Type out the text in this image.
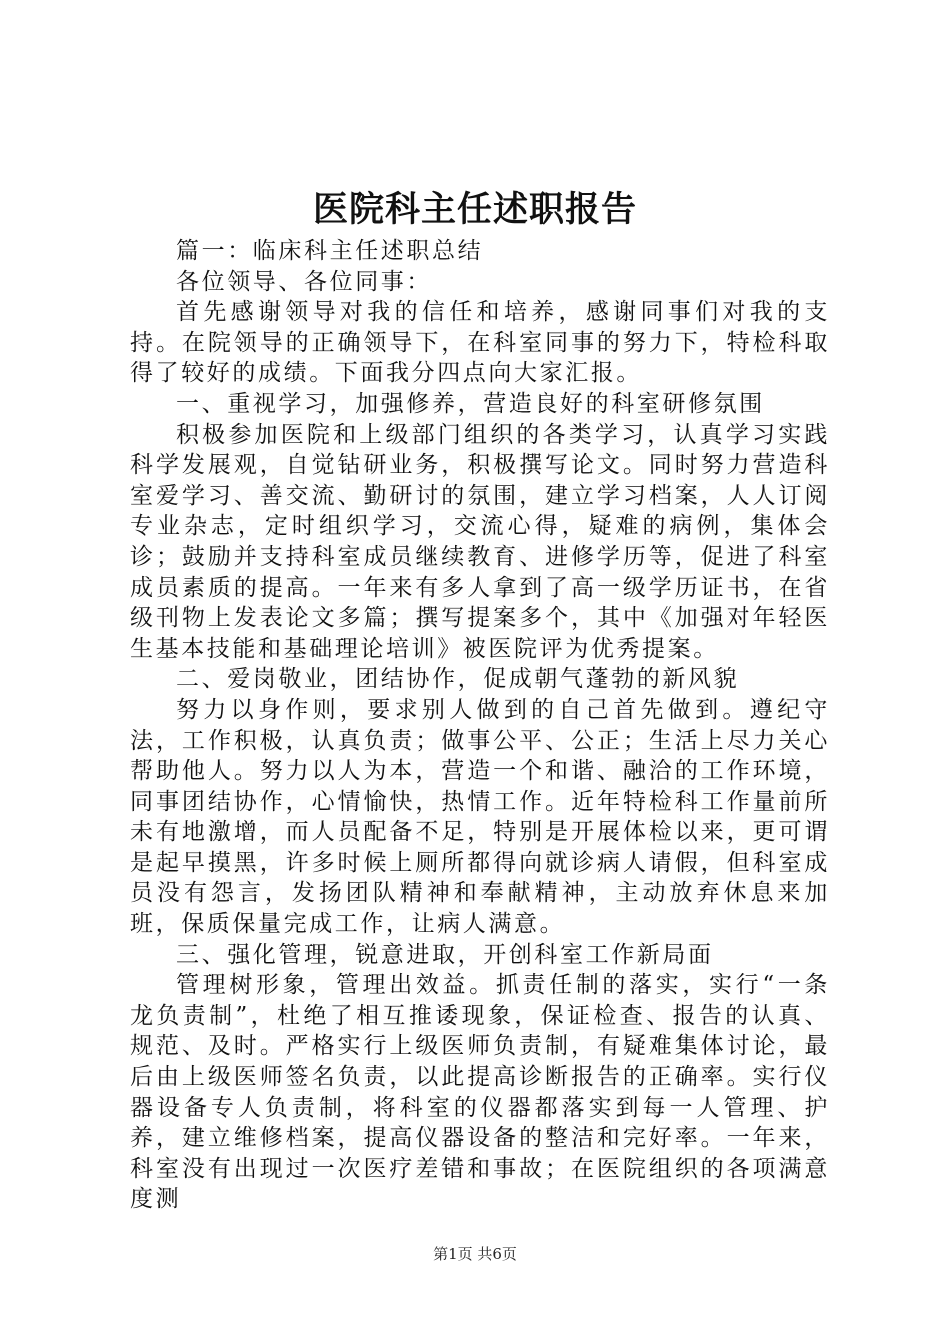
医院科主任述职报告

篇一：临床科主任述职总结

各位领导、各位同事：

首先感谢领导对我的信任和培养，感谢同事们对我的支持。在院领导的正确领导下，在科室同事的努力下，特检科取得了较好的成绩。下面我分四点向大家汇报。

一、重视学习，加强修养，营造良好的科室研修氛围

积极参加医院和上级部门组织的各类学习，认真学习实践科学发展观，自觉钻研业务，积极撰写论文。同时努力营造科室爱学习、善交流、勤研讨的氛围，建立学习档案，人人订阅专业杂志，定时组织学习，交流心得，疑难的病例，集体会诊；鼓励并支持科室成员继续教育、进修学历等，促进了科室成员素质的提高。一年来有多人拿到了高一级学历证书，在省级刊物上发表论文多篇；撰写提案多个，其中《加强对年轻医生基本技能和基础理论培训》被医院评为优秀提案。

二、爱岗敬业，团结协作，促成朝气蓬勃的新风貌

努力以身作则，要求别人做到的自己首先做到。遵纪守法，工作积极，认真负责；做事公平、公正；生活上尽力关心帮助他人。努力以人为本，营造一个和谐、融洽的工作环境，同事团结协作，心情愉快，热情工作。近年特检科工作量前所未有地激增，而人员配备不足，特别是开展体检以来，更可谓是起早摸黑，许多时候上厕所都得向就诊病人请假，但科室成员没有怨言，发扬团队精神和奉献精神，主动放弃休息来加班，保质保量完成工作，让病人满意。

三、强化管理，锐意进取，开创科室工作新局面

管理树形象，管理出效益。抓责任制的落实，实行“一条龙负责制”，杜绝了相互推诿现象，保证检查、报告的认真、规范、及时。严格实行上级医师负责制，有疑难集体讨论，最后由上级医师签名负责，以此提高诊断报告的正确率。实行仪器设备专人负责制，将科室的仪器都落实到每一人管理、护养，建立维修档案，提高仪器设备的整洁和完好率。一年来，科室没有出现过一次医疗差错和事故；在医院组织的各项满意度测

第1页 共6页
